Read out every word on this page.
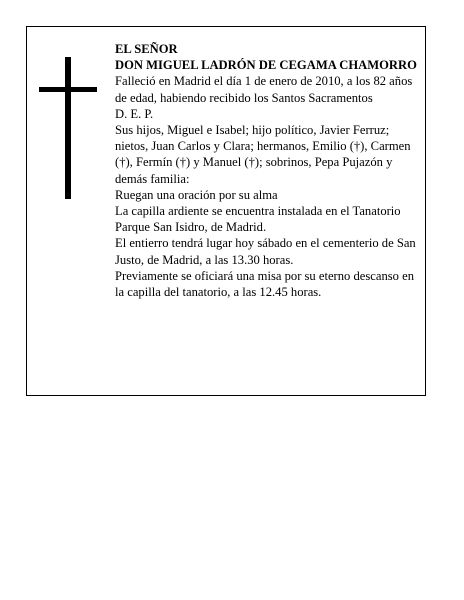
EL SEÑOR

DON MIGUEL LADRÓN DE CEGAMA CHAMORRO

Falleció en Madrid el día 1 de enero de 2010, a los 82 años de edad, habiendo recibido los Santos Sacramentos

D. E. P.

Sus hijos, Miguel e Isabel; hijo político, Javier Ferruz; nietos, Juan Carlos y Clara; hermanos, Emilio (†), Carmen (†), Fermín (†) y Manuel (†); sobrinos, Pepa Pujazón y demás familia:

Ruegan una oración por su alma

La capilla ardiente se encuentra instalada en el Tanatorio Parque San Isidro, de Madrid.

El entierro tendrá lugar hoy sábado en el cementerio de San Justo, de Madrid, a las 13.30 horas.

Previamente se oficiará una misa por su eterno descanso en la capilla del tanatorio, a las 12.45 horas.
